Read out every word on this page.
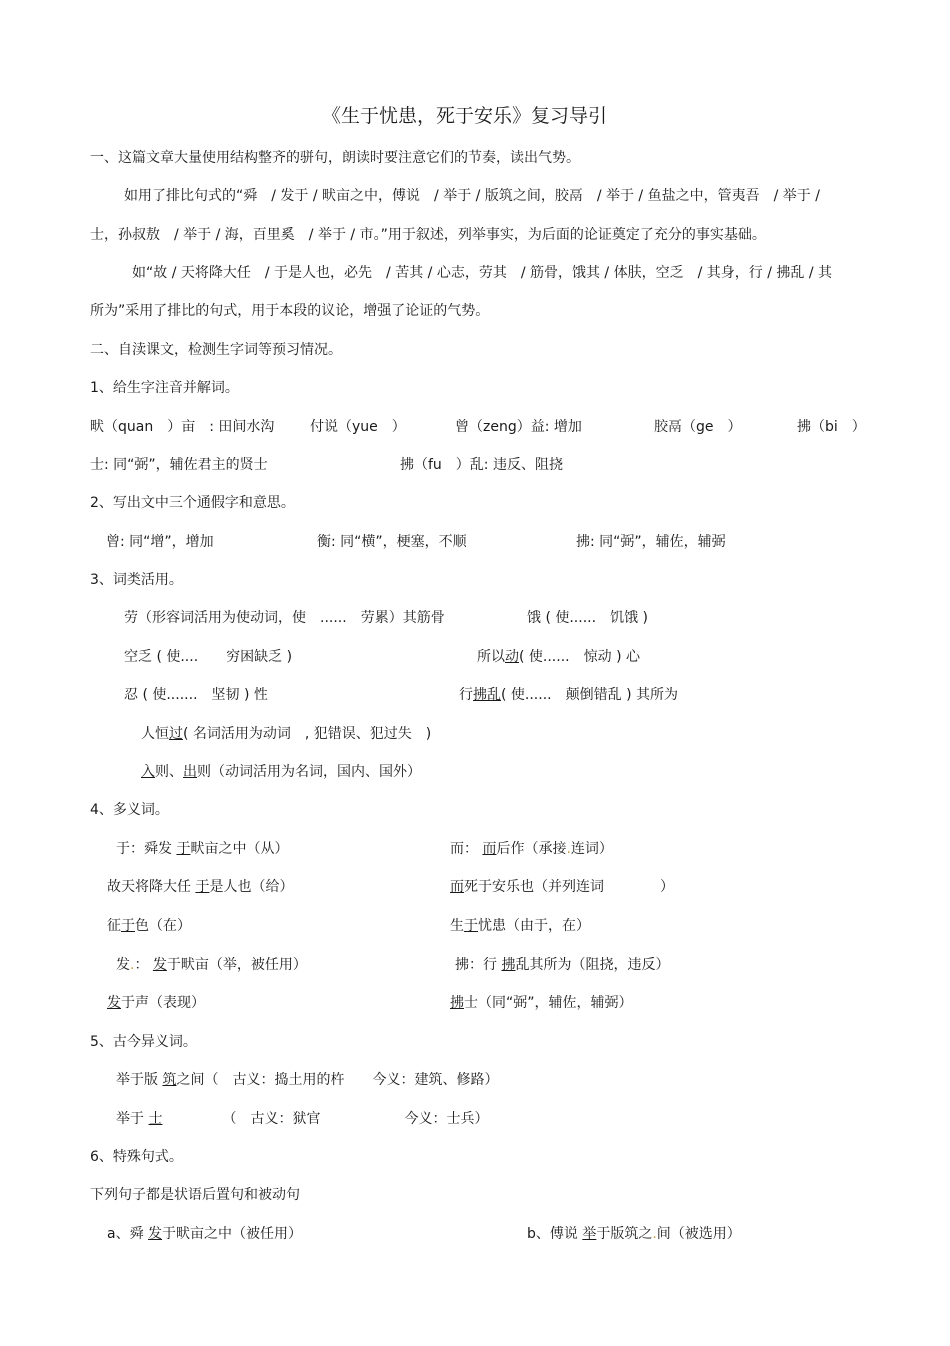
《生于忧患，死于安乐》复习导引
一、这篇文章大量使用结构整齐的骈句，朗读时要注意它们的节奏，读出气势。
如用了排比句式的“舜　/ 发于 / 畎亩之中，傅说　/ 举于 / 版筑之间，胶鬲　/ 举于 / 鱼盐之中，管夷吾　/ 举于 /
士，孙叔敖　/ 举于 / 海，百里奚　/ 举于 / 市。”用于叙述，列举事实，为后面的论证奠定了充分的事实基础。
如“故 / 天将降大任　/ 于是人也，必先　/ 苦其 / 心志，劳其　/ 筋骨，饿其 / 体肤，空乏　/ 其身，行 / 拂乱 / 其
所为”采用了排比的句式，用于本段的议论，增强了论证的气势。
二、自渎课文，检测生字词等预习情况。
1、给生字注音并解词。
畎（quan　）亩　: 田间水沟	付说（yue　）	曾（zeng）益: 增加	胶鬲（ge　）	拂（bi　）
士: 同“弼”，辅佐君主的贤士	拂（fu　）乱: 违反、阻挠
2、写出文中三个通假字和意思。
曾: 同“增”，增加	衡: 同“横”，梗塞，不顺	拂: 同“弼”，辅佐，辅弼
3、词类活用。
劳（形容词活用为使动词，使　......　劳累）其筋骨	饿 ( 使......　饥饿 )
空乏 ( 使....　　穷困缺乏 )	所以动( 使......　惊动 ) 心
忍 ( 使.......　坚韧 ) 性	行拂乱( 使......　颠倒错乱 ) 其所为
人恒过( 名词活用为动词　, 犯错误、犯过失　)
入则、出则（动词活用为名词，国内、国外）
4、多义词。
于：舜发 于畎亩之中（从）	而： 而后作（承接.连词）
故天将降大任 于是人也（给）	而死于安乐也（并列连词　　　　）
征于色（在）	生于忧患（由于，在）
发.： 发于畎亩（举，被任用）	拂：行 拂乱其所为（阻挠，违反）
发于声（表现）	拂士（同“弼”，辅佐，辅弼）
5、古今异义词。
举于版 筑之间（　古义：捣土用的杵　　今义：建筑、修路）
举于 士	（　古义：狱官　　　　　　今义：士兵）
6、特殊句式。
下列句子都是状语后置句和被动句
a、舜 发于畎亩之中（被任用）	b、傅说 举于版筑之.间（被选用）
